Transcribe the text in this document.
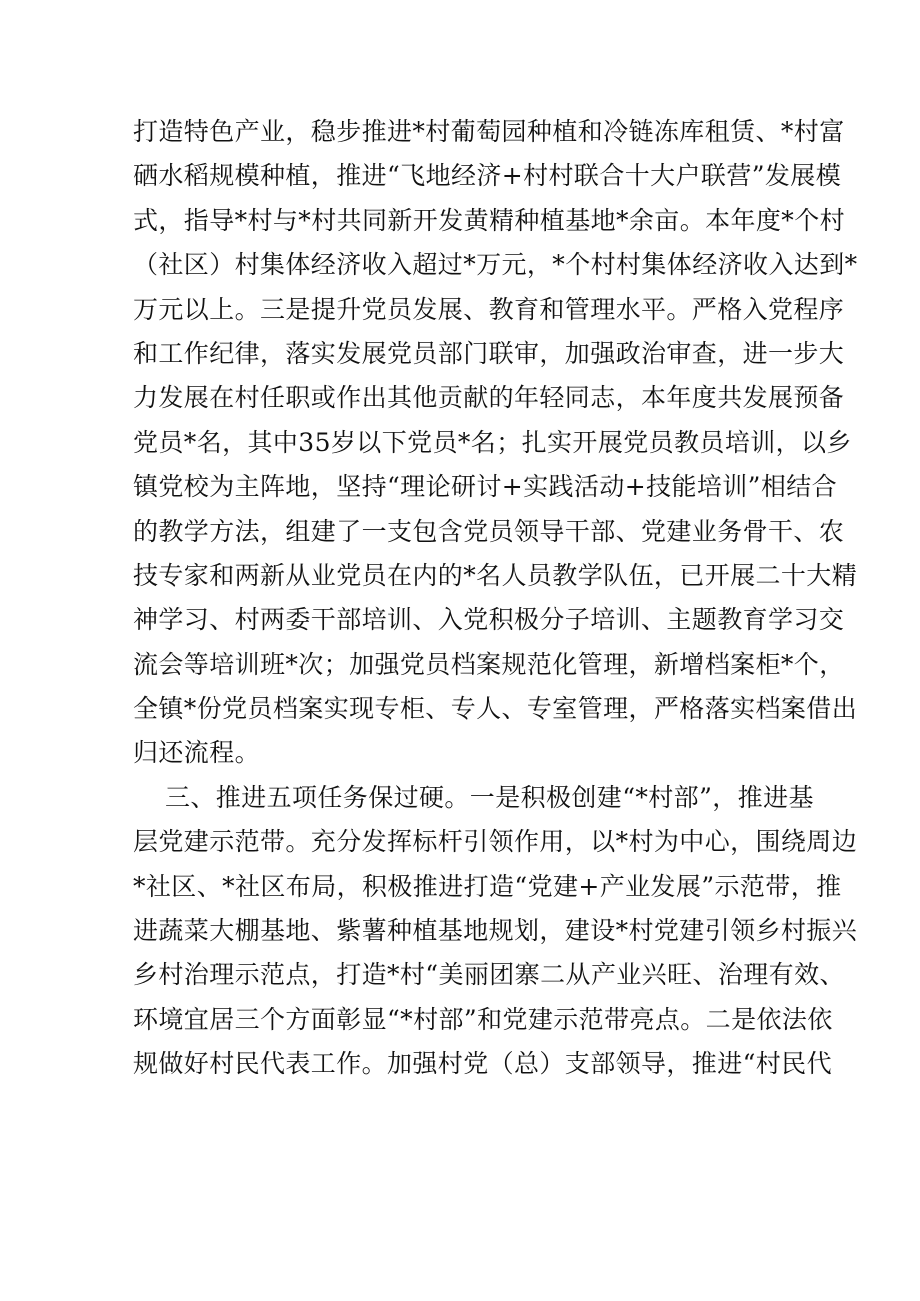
打造特色产业，稳步推进*村葡萄园种植和冷链冻库租赁、*村富
硒水稻规模种植，推进“飞地经济+村村联合十大户联营”发展模
式，指导*村与*村共同新开发黄精种植基地*余亩。本年度*个村
（社区）村集体经济收入超过*万元，*个村村集体经济收入达到*
万元以上。三是提升党员发展、教育和管理水平。严格入党程序
和工作纪律，落实发展党员部门联审，加强政治审查，进一步大
力发展在村任职或作出其他贡献的年轻同志，本年度共发展预备
党员*名，其中35岁以下党员*名；扎实开展党员教员培训，以乡
镇党校为主阵地，坚持“理论研讨+实践活动+技能培训”相结合
的教学方法，组建了一支包含党员领导干部、党建业务骨干、农
技专家和两新从业党员在内的*名人员教学队伍，已开展二十大精
神学习、村两委干部培训、入党积极分子培训、主题教育学习交
流会等培训班*次；加强党员档案规范化管理，新增档案柜*个，
全镇*份党员档案实现专柜、专人、专室管理，严格落实档案借出
归还流程。
三、推进五项任务保过硬。一是积极创建“*村部”，推进基
层党建示范带。充分发挥标杆引领作用，以*村为中心，围绕周边
*社区、*社区布局，积极推进打造“党建+产业发展”示范带，推
进蔬菜大棚基地、紫薯种植基地规划，建设*村党建引领乡村振兴
乡村治理示范点，打造*村“美丽团寨二从产业兴旺、治理有效、
环境宜居三个方面彰显“*村部”和党建示范带亮点。二是依法依
规做好村民代表工作。加强村党（总）支部领导，推进“村民代
